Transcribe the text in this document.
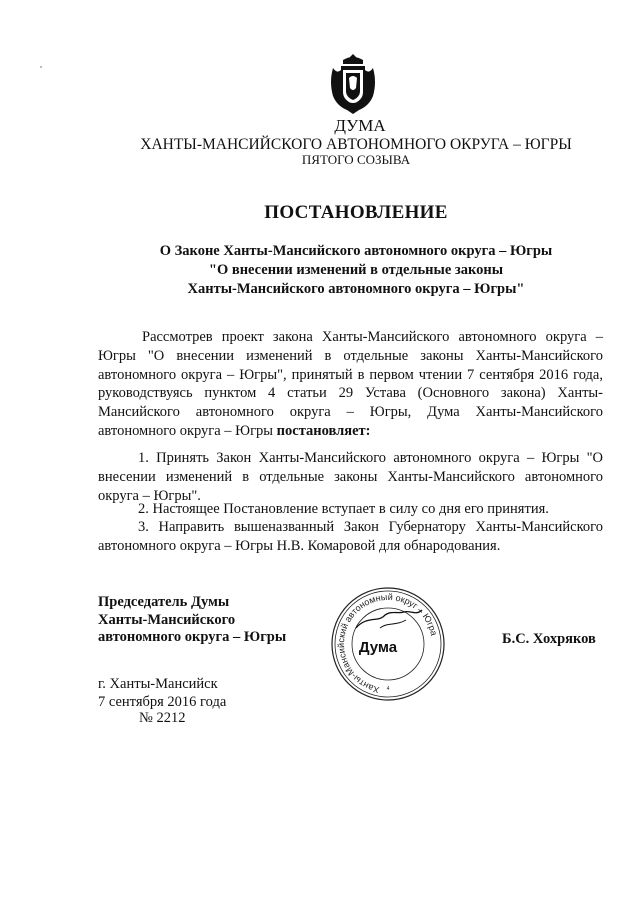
ДУМА
ХАНТЫ-МАНСИЙСКОГО АВТОНОМНОГО ОКРУГА – ЮГРЫ
ПЯТОГО СОЗЫВА
ПОСТАНОВЛЕНИЕ
О Законе Ханты-Мансийского автономного округа – Югры
"О внесении изменений в отдельные законы
Ханты-Мансийского автономного округа – Югры"
Рассмотрев проект закона Ханты-Мансийского автономного округа – Югры "О внесении изменений в отдельные законы Ханты-Мансийского автономного округа – Югры", принятый в первом чтении 7 сентября 2016 года, руководствуясь пунктом 4 статьи 29 Устава (Основного закона) Ханты-Мансийского автономного округа – Югры, Дума Ханты-Мансийского автономного округа – Югры постановляет:
1. Принять Закон Ханты-Мансийского автономного округа – Югры "О внесении изменений в отдельные законы Ханты-Мансийского автономного округа – Югры".
2. Настоящее Постановление вступает в силу со дня его принятия.
3. Направить вышеназванный Закон Губернатору Ханты-Мансийского автономного округа – Югры Н.В. Комаровой для обнародования.
Председатель Думы
Ханты-Мансийского
автономного округа – Югры
Ханты-Мансийский автономный округ – Югра
Дума
4
Б.С. Хохряков
г. Ханты-Мансийск
7 сентября 2016 года
№ 2212
